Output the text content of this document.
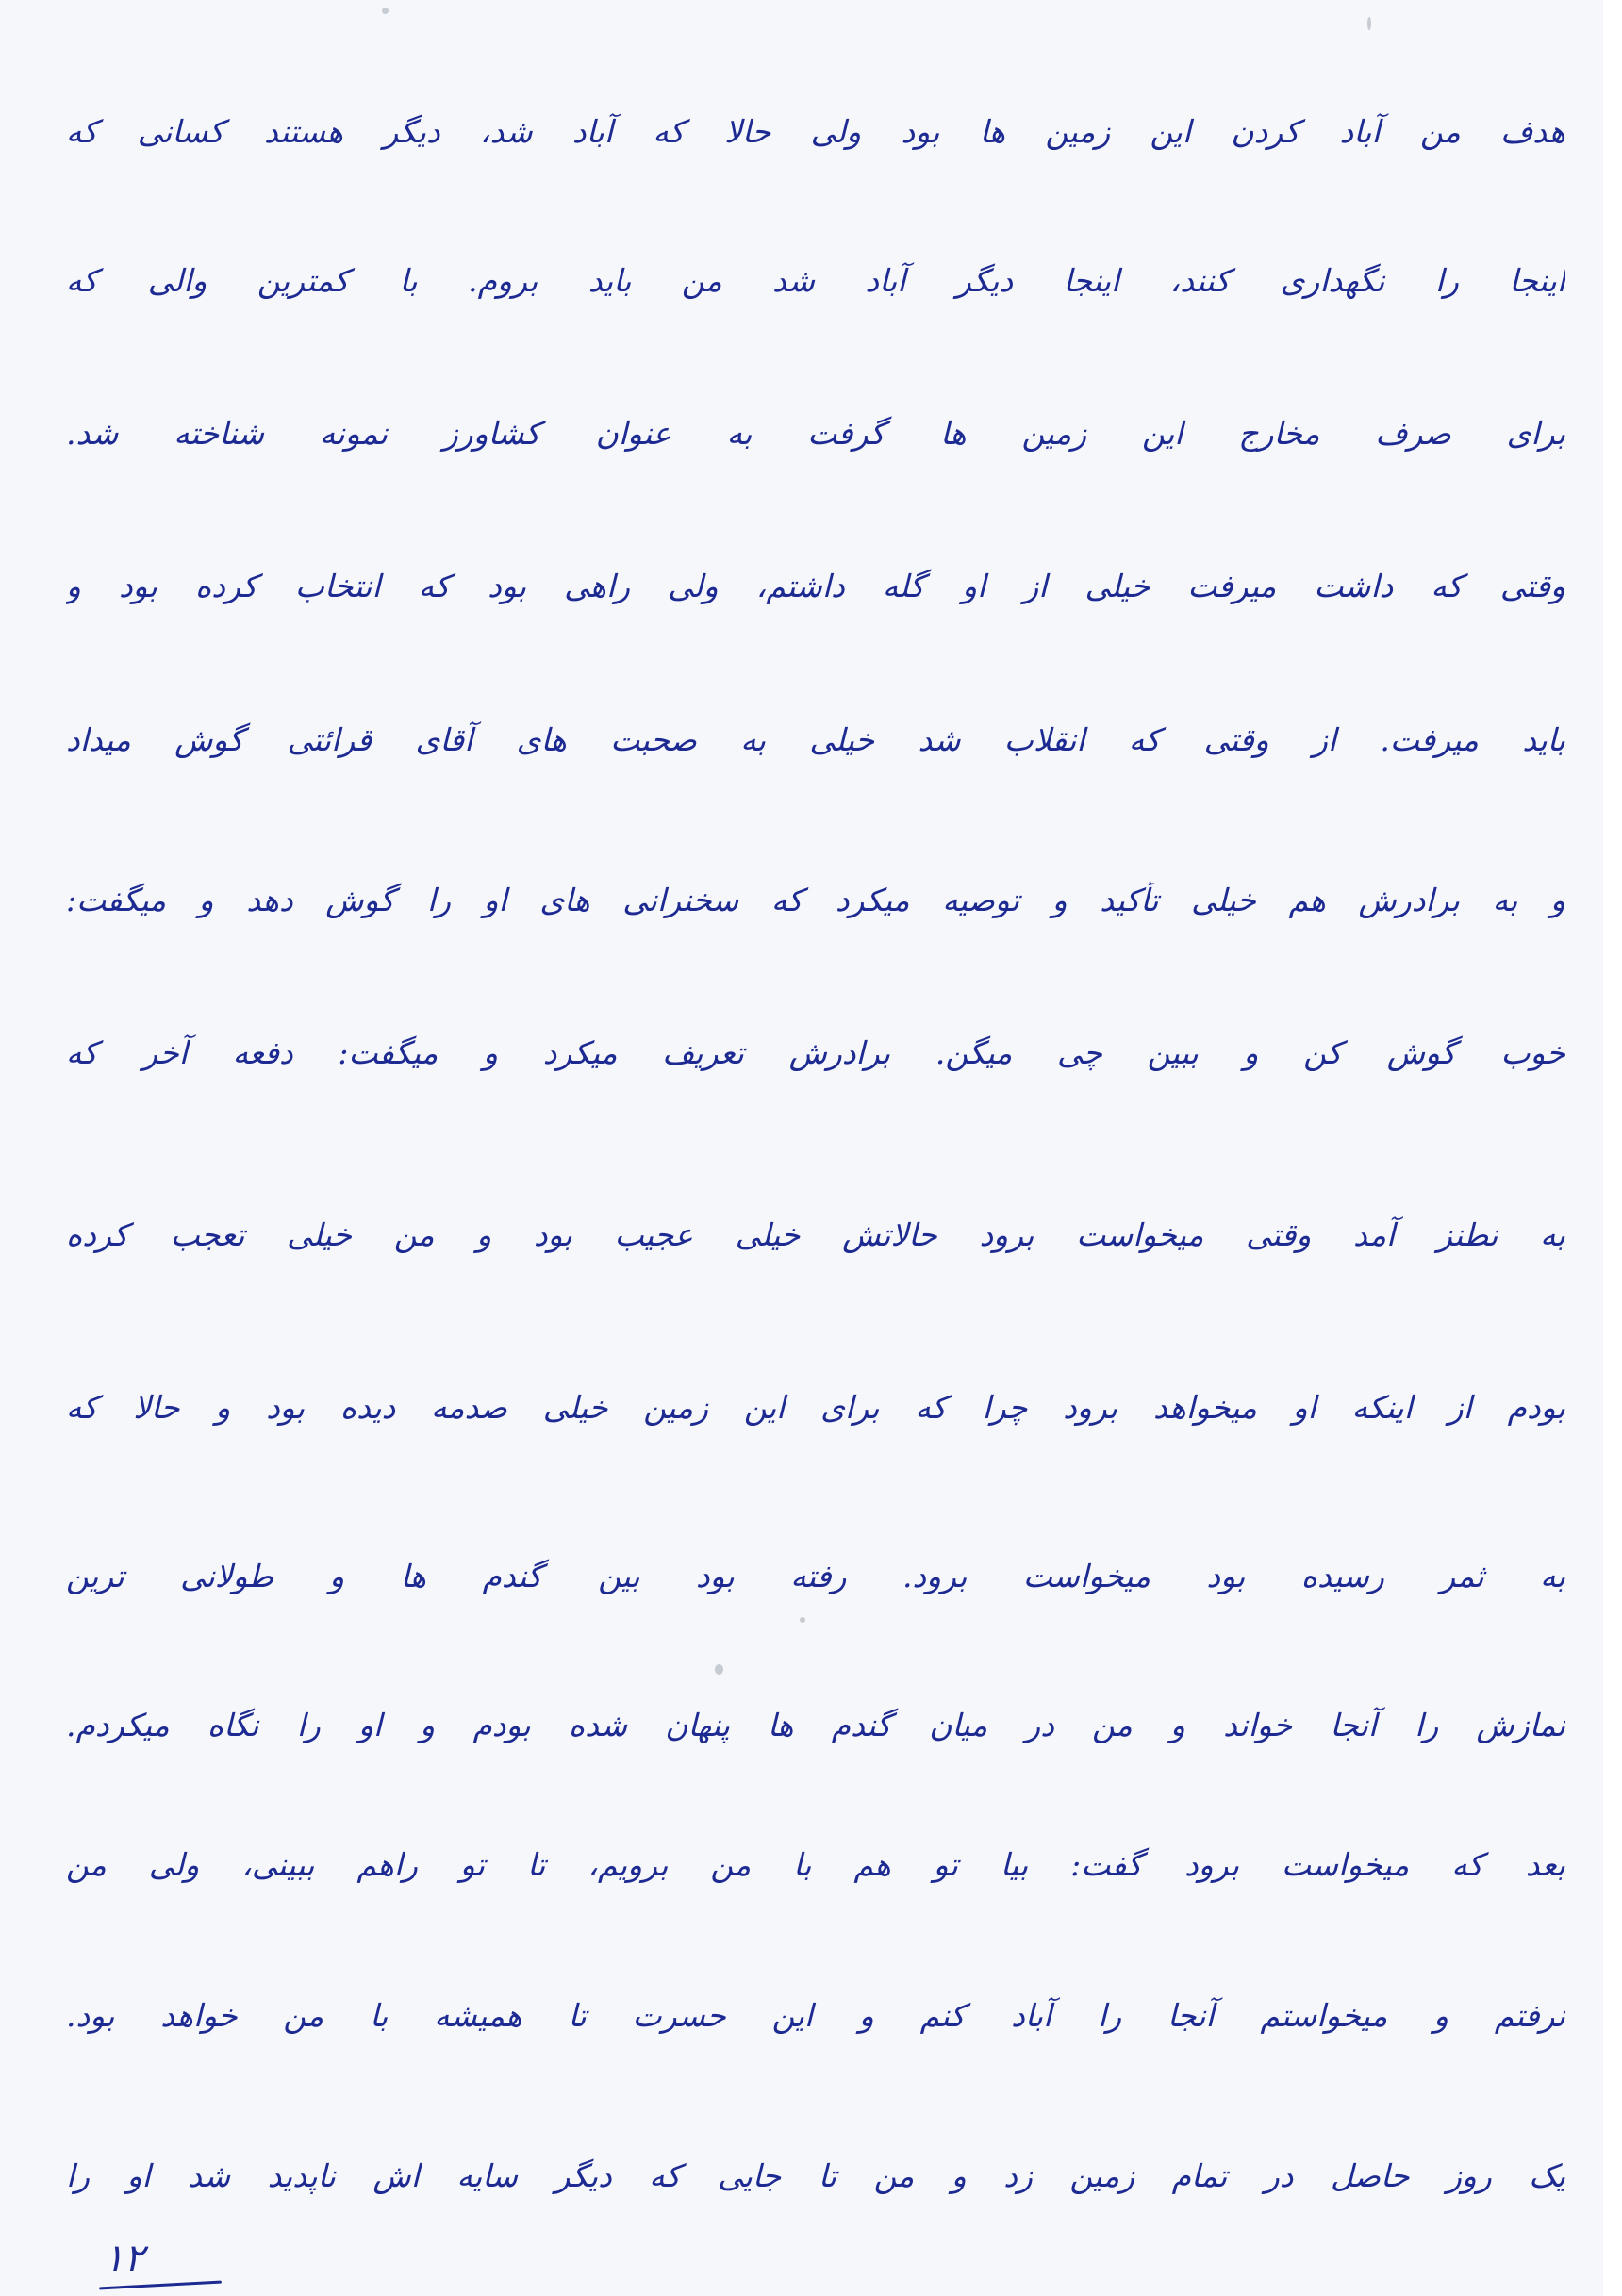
هدف من آباد کردن این زمین ها بود ولی حالا که آباد شد، دیگر هستند کسانی که
اینجا را نگهداری کنند، اینجا دیگر آباد شد من باید بروم. با کمترین والی که
برای صرف مخارج این زمین ها گرفت به عنوان کشاورز نمونه شناخته شد.
وقتی که داشت میرفت خیلی از او گله داشتم، ولی راهی بود که انتخاب کرده بود و
باید میرفت. از وقتی که انقلاب شد خیلی به صحبت های آقای قرائتی گوش میداد
و به برادرش هم خیلی تأکید و توصیه میکرد که سخنرانی های او را گوش دهد و میگفت:
خوب گوش کن و ببین چی میگن. برادرش تعریف میکرد و میگفت: دفعه آخر که
به نطنز آمد وقتی میخواست برود حالاتش خیلی عجیب بود و من خیلی تعجب کرده
بودم از اینکه او میخواهد برود چرا که برای این زمین خیلی صدمه دیده بود و حالا که
به ثمر رسیده بود میخواست برود. رفته بود بین گندم ها و طولانی ترین
نمازش را آنجا خواند و من در میان گندم ها پنهان شده بودم و او را نگاه میکردم.
بعد که میخواست برود گفت: بیا تو هم با من برویم، تا تو راهم ببینی، ولی من
نرفتم و میخواستم آنجا را آباد کنم و این حسرت تا همیشه با من خواهد بود.
یک روز حاصل در تمام زمین زد و من تا جایی که دیگر سایه اش ناپدید شد او را
۱۲
